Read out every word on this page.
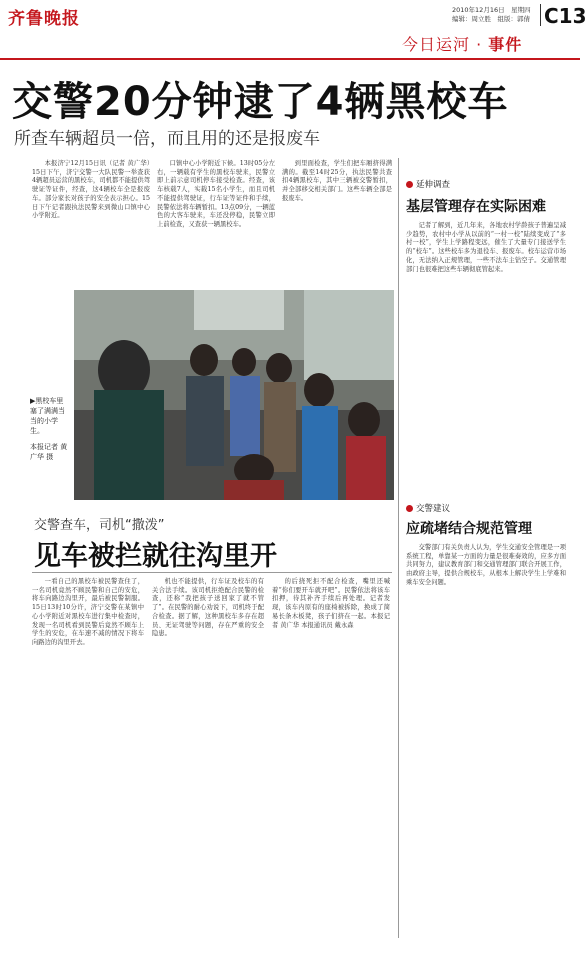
齐鲁晚报	2010年12月16日　星期四
编辑：周立胜　组版：郭倩 C13
今日运河 · 事件
交警20分钟逮了4辆黑校车
所查车辆超员一倍，而且用的还是报废车

本报济宁12月15日讯（记者 黄广华）15日下午，济宁交警一大队民警一举查获4辆超员运营的黑校车，司机都不能提供驾驶证等证件，经查，这4辆校车全是报废车。部分家长对孩子的安全表示担心。15日下午记者跟执法民警来到微山口镇中心小学附近。

口镇中心小学附近下候。13时05分左右，一辆载有学生的黑校车驶来，民警立即上前示意司机停车接受检查。经查，该车核载7人，实载15名小学生，而且司机不能提供驾驶证，行车证等证件和手续，民警依法将车辆暂扣。13点09分，一辆蓝色的大客车驶来，车还没停稳，民警立即上前检查，又查获一辆黑校车。

到里面检查，学生们把车厢挤得满满的。截至14时25分，执法民警共查扣4辆黑校车，其中三辆被交警暂扣，并全部移交相关部门。这些车辆全部是报废车。

▶黑校车里塞了满满当当的小学生。
本报记者 黄广华 摄
交警查车，司机“撒泼”
见车被拦就往沟里开

一看自己的黑校车被民警查住了，一名司机竟然不顾民警和自己的安危，将车向路边沟里开，最后被民警制服。15日13时10分许，济宁交警在某镇中心小学附近对黑校车进行集中检查时，发现一名司机看到民警后竟然不顾车上学生的安危，在车速不减的情况下将车向路边的沟里开去。

机也不能提供，行车证及校车的有关合法手续。该司机拒绝配合民警的检查，还称“我把孩子送回家了就不管了”。在民警的耐心劝说下，司机终于配合检查。据了解，这种黑校车多存在超员、无证驾驶等问题，存在严重的安全隐患。

的后挠死拒不配合检查，嘴里还喊着“你们要开车就开吧”。民警依法将该车扣押，待其补齐手续后再处理。记者发现，该车内原有的座椅被拆除，换成了简易长条木板凳，孩子们挤在一起。本报记者 黄广华 本报通讯员 戴永森

延伸调查
基层管理存在实际困难

记者了解到，近几年来，各地农村学龄孩子普遍呈减少趋势，农村中小学从以前的“一村一校”陆续变成了“多村一校”，学生上学路程变远，催生了大量专门接送学生的“校车”。这些校车多为退役车、报废车。校车运营市场化，无法纳入正规管理，一些不法车主钻空子。交通管理部门也很难把这些车辆彻底管起来。

交警建议
应疏堵结合规范管理

交警部门有关负责人认为，学生交通安全管理是一项系统工程，单靠某一方面的力量是很难奏效的，应多方面共同努力，建议教育部门和交通管理部门联合开展工作，由政府主导，提供合规校车，从根本上解决学生上学难和乘车安全问题。
